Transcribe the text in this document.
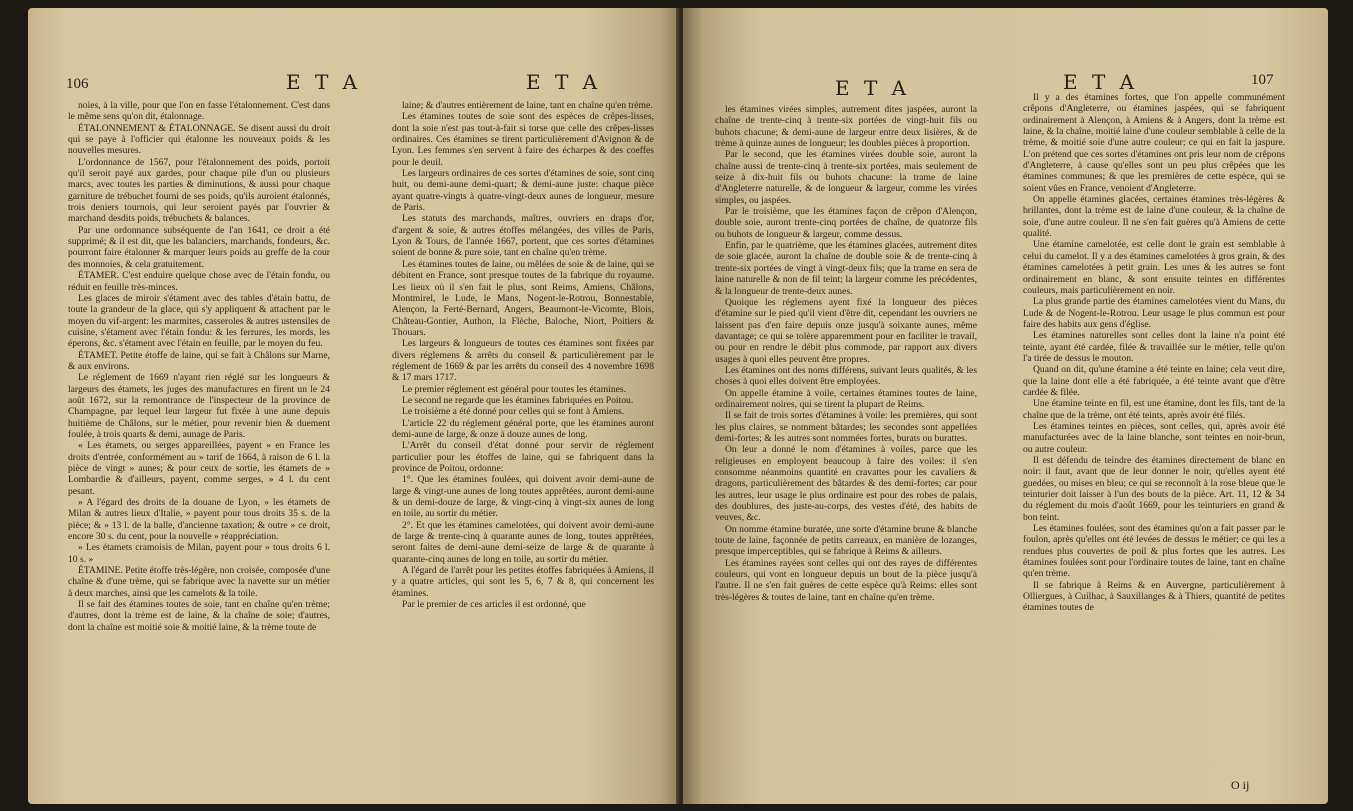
106	E T A	E T A

noies, à la ville, pour que l'on en fasse l'étalonnement. C'est dans le même sens qu'on dit, étalonnage.

ÉTALONNEMENT & ÉTALONNAGE. Se disent aussi du droit qui se paye à l'officier qui étalonne les nouveaux poids & les nouvelles mesures.

L'ordonnance de 1567, pour l'étalonnement des poids, portoit qu'il seroit payé aux gardes, pour chaque pile d'un ou plusieurs marcs, avec toutes les parties & diminutions, & aussi pour chaque garniture de trébuchet fourni de ses poids, qu'ils auroient étalonnés, trois deniers tournois, qui leur seroient payés par l'ouvrier & marchand desdits poids, trébuchets & balances.

Par une ordonnance subséquente de l'an 1641, ce droit a été supprimé; & il est dit, que les balanciers, marchands, fondeurs, &c. pourront faire étalonner & marquer leurs poids au greffe de la cour des monnoies, & cela gratuitement.

ÉTAMER. C'est enduire quelque chose avec de l'étain fondu, ou réduit en feuille très-minces.

Les glaces de miroir s'étament avec des tables d'étain battu, de toute la grandeur de la glace, qui s'y appliquent & attachent par le moyen du vif-argent: les marmites, casseroles & autres ustensiles de cuisine, s'étament avec l'étain fondu: & les ferrures, les mords, les éperons, &c. s'étament avec l'étain en feuille, par le moyen du feu.

ÉTAMET. Petite étoffe de laine, qui se fait à Châlons sur Marne, & aux environs.

Le réglement de 1669 n'ayant rien réglé sur les longueurs & largeurs des étamets, les juges des manufactures en firent un le 24 août 1672, sur la remontrance de l'inspecteur de la province de Champagne, par lequel leur largeur fut fixée à une aune depuis huitième de Châlons, sur le métier, pour revenir bien & duement foulée, à trois quarts & demi, aunage de Paris.

« Les étamets, ou serges appareillées, payent » en France les droits d'entrée, conformément au » tarif de 1664, à raison de 6 l. la pièce de vingt » aunes; & pour ceux de sortie, les étamets de » Lombardie & d'ailleurs, payent, comme serges, » 4 l. du cent pesant.

» A l'égard des droits de la douane de Lyon, » les étamets de Milan & autres lieux d'Italie, » payent pour tous droits 35 s. de la pièce; & » 13 l. de la balle, d'ancienne taxation; & outre » ce droit, encore 30 s. du cent, pour la nouvelle » réappréciation.

» Les étamets cramoisis de Milan, payent pour » tous droits 6 l. 10 s. »

ÉTAMINE. Petite étoffe très-légère, non croisée, composée d'une chaîne & d'une trème, qui se fabrique avec la navette sur un métier à deux marches, ainsi que les camelots & la toile.

Il se fait des étamines toutes de soie, tant en chaîne qu'en trème; d'autres, dont la trème est de laine, & la chaîne de soie; d'autres, dont la chaîne est moitié soie & moitié laine, & la trème toute de

laine; & d'autres entièrement de laine, tant en chaîne qu'en trème.

Les étamines toutes de soie sont des espèces de crêpes-lisses, dont la soie n'est pas tout-à-fait si torse que celle des crêpes-lisses ordinaires. Ces étamines se tirent particulièrement d'Avignon & de Lyon. Les femmes s'en servent à faire des écharpes & des coeffes pour le deuil.

Les largeurs ordinaires de ces sortes d'étamines de soie, sont cinq huit, ou demi-aune demi-quart; & demi-aune juste: chaque pièce ayant quatre-vingts à quatre-vingt-deux aunes de longueur, mesure de Paris.

Les statuts des marchands, maîtres, ouvriers en draps d'or, d'argent & soie, & autres étoffes mélangées, des villes de Paris, Lyon & Tours, de l'année 1667, portent, que ces sortes d'étamines soient de bonne & pure soie, tant en chaîne qu'en trème.

Les étamines toutes de laine, ou mêlées de soie & de laine, qui se débitent en France, sont presque toutes de la fabrique du royaume. Les lieux où il s'en fait le plus, sont Reims, Amiens, Châlons, Montmirel, le Lude, le Mans, Nogent-le-Rotrou, Bonnestable, Alençon, la Ferté-Bernard, Angers, Beaumont-le-Vicomte, Blois, Château-Gontier, Authon, la Flèche, Baloche, Niort, Poitiers & Thouars.

Les largeurs & longueurs de toutes ces étamines sont fixées par divers réglemens & arrêts du conseil & particulièrement par le réglement de 1669 & par les arrêts du conseil des 4 novembre 1698 & 17 mars 1717.

Le premier réglement est général pour toutes les étamines.

Le second ne regarde que les étamines fabriquées en Poitou.

Le troisième a été donné pour celles qui se font à Amiens.

L'article 22 du réglement général porte, que les étamines auront demi-aune de large, & onze à douze aunes de long.

L'Arrêt du conseil d'état donné pour servir de réglement particulier pour les étoffes de laine, qui se fabriquent dans la province de Poitou, ordonne:

1°. Que les étamines foulées, qui doivent avoir demi-aune de large & vingt-une aunes de long toutes apprêtées, auront demi-aune & un demi-douze de large, & vingt-cinq à vingt-six aunes de long en toile, au sortir du métier.

2°. Et que les étamines camelotées, qui doivent avoir demi-aune de large & trente-cinq à quarante aunes de long, toutes apprêtées, seront faites de demi-aune demi-seize de large & de quarante à quarante-cinq aunes de long en toile, au sortir du métier.

A l'égard de l'arrêt pour les petites étoffes fabriquées à Amiens, il y a quatre articles, qui sont les 5, 6, 7 & 8, qui concernent les étamines.

Par le premier de ces articles il est ordonné, que

E T A	E T A	107

les étamines virées simples, autrement dites jaspées, auront la chaîne de trente-cinq à trente-six portées de vingt-huit fils ou buhots chacune; & demi-aune de largeur entre deux lisières, & de trème à quinze aunes de longueur; les doubles pièces à proportion.

Par le second, que les étamines virées double soie, auront la chaîne aussi de trente-cinq à trente-six portées, mais seulement de seize à dix-huit fils ou buhots chacune: la trame de laine d'Angleterre naturelle, & de longueur & largeur, comme les virées simples, ou jaspées.

Par le troisième, que les étamines façon de crêpon d'Alençon, double soie, auront trente-cinq portées de chaîne, de quatorze fils ou buhots de longueur & largeur, comme dessus.

Enfin, par le quatrième, que les étamines glacées, autrement dites de soie glacée, auront la chaîne de double soie & de trente-cinq à trente-six portées de vingt à vingt-deux fils; que la trame en sera de laine naturelle & non de fil teint; la largeur comme les précédentes, & la longueur de trente-deux aunes.

Quoique les réglemens ayent fixé la longueur des pièces d'étamine sur le pied qu'il vient d'être dit, cependant les ouvriers ne laissent pas d'en faire depuis onze jusqu'à soixante aunes, même davantage; ce qui se tolère apparemment pour en faciliter le travail, ou pour en rendre le débit plus commode, par rapport aux divers usages à quoi elles peuvent être propres.

Les étamines ont des noms différens, suivant leurs qualités, & les choses à quoi elles doivent être employées.

On appelle étamine à voile, certaines étamines toutes de laine, ordinairement noires, qui se tirent la plupart de Reims.

Il se fait de trois sortes d'étamines à voile: les premières, qui sont les plus claires, se nomment bâtardes; les secondes sont appellées demi-fortes; & les autres sont nommées fortes, burats ou burattes.

On leur a donné le nom d'étamines à voiles, parce que les religieuses en employent beaucoup à faire des voiles: il s'en consomme néanmoins quantité en cravattes pour les cavaliers & dragons, particulièrement des bâtardes & des demi-fortes; car pour les autres, leur usage le plus ordinaire est pour des robes de palais, des doublures, des juste-au-corps, des vestes d'été, des habits de veuves, &c.

On nomme étamine buratée, une sorte d'étamine brune & blanche toute de laine, façonnée de petits carreaux, en manière de lozanges, presque imperceptibles, qui se fabrique à Reims & ailleurs.

Les étamines rayées sont celles qui ont des rayes de différentes couleurs, qui vont en longueur depuis un bout de la pièce jusqu'à l'autre. Il ne s'en fait guères de cette espèce qu'à Reims: elles sont très-légères & toutes de laine, tant en chaîne qu'en trème.

Il y a des étamines fortes, que l'on appelle communément crêpons d'Angleterre, ou étamines jaspées, qui se fabriquent ordinairement à Alençon, à Amiens & à Angers, dont la trème est laine, & la chaîne, moitié laine d'une couleur semblable à celle de la trème, & moitié soie d'une autre couleur; ce qui en fait la jaspure. L'on prétend que ces sortes d'étamines ont pris leur nom de crêpons d'Angleterre, à cause qu'elles sont un peu plus crêpées que les étamines communes; & que les premières de cette espèce, qui se soient vûes en France, venoient d'Angleterre.

On appelle étamines glacées, certaines étamines très-légères & brillantes, dont la trème est de laine d'une couleur, & la chaîne de soie, d'une autre couleur. Il ne s'en fait guères qu'à Amiens de cette qualité.

Une étamine camelotée, est celle dont le grain est semblable à celui du camelot. Il y a des étamines camelotées à gros grain, & des étamines camelotées à petit grain. Les unes & les autres se font ordinairement en blanc, & sont ensuite teintes en différentes couleurs, mais particulièrement en noir.

La plus grande partie des étamines camelotées vient du Mans, du Lude & de Nogent-le-Rotrou. Leur usage le plus commun est pour faire des habits aux gens d'église.

Les étamines naturelles sont celles dont la laine n'a point été teinte, ayant été cardée, filée & travaillée sur le métier, telle qu'on l'a tirée de dessus le mouton.

Quand on dit, qu'une étamine a été teinte en laine; cela veut dire, que la laine dont elle a été fabriquée, a été teinte avant que d'être cardée & filée.

Une étamine teinte en fil, est une étamine, dont les fils, tant de la chaîne que de la trème, ont été teints, après avoir été filés.

Les étamines teintes en pièces, sont celles, qui, après avoir été manufacturées avec de la laine blanche, sont teintes en noir-brun, ou autre couleur.

Il est défendu de teindre des étamines directement de blanc en noir: il faut, avant que de leur donner le noir, qu'elles ayent été guedées, ou mises en bleu; ce qui se reconnoît à la rose bleue que le teinturier doit laisser à l'un des bouts de la pièce. Art. 11, 12 & 34 du réglement du mois d'août 1669, pour les teinturiers en grand & bon teint.

Les étamines foulées, sont des étamines qu'on a fait passer par le foulon, après qu'elles ont été levées de dessus le métier; ce qui les a rendues plus couvertes de poil & plus fortes que les autres. Les étamines foulées sont pour l'ordinaire toutes de laine, tant en chaîne qu'en trème.

Il se fabrique à Reims & en Auvergne, particulièrement à Olliergues, à Cuilhac, à Sauxillanges & à Thiers, quantité de petites étamines toutes de

O ij
